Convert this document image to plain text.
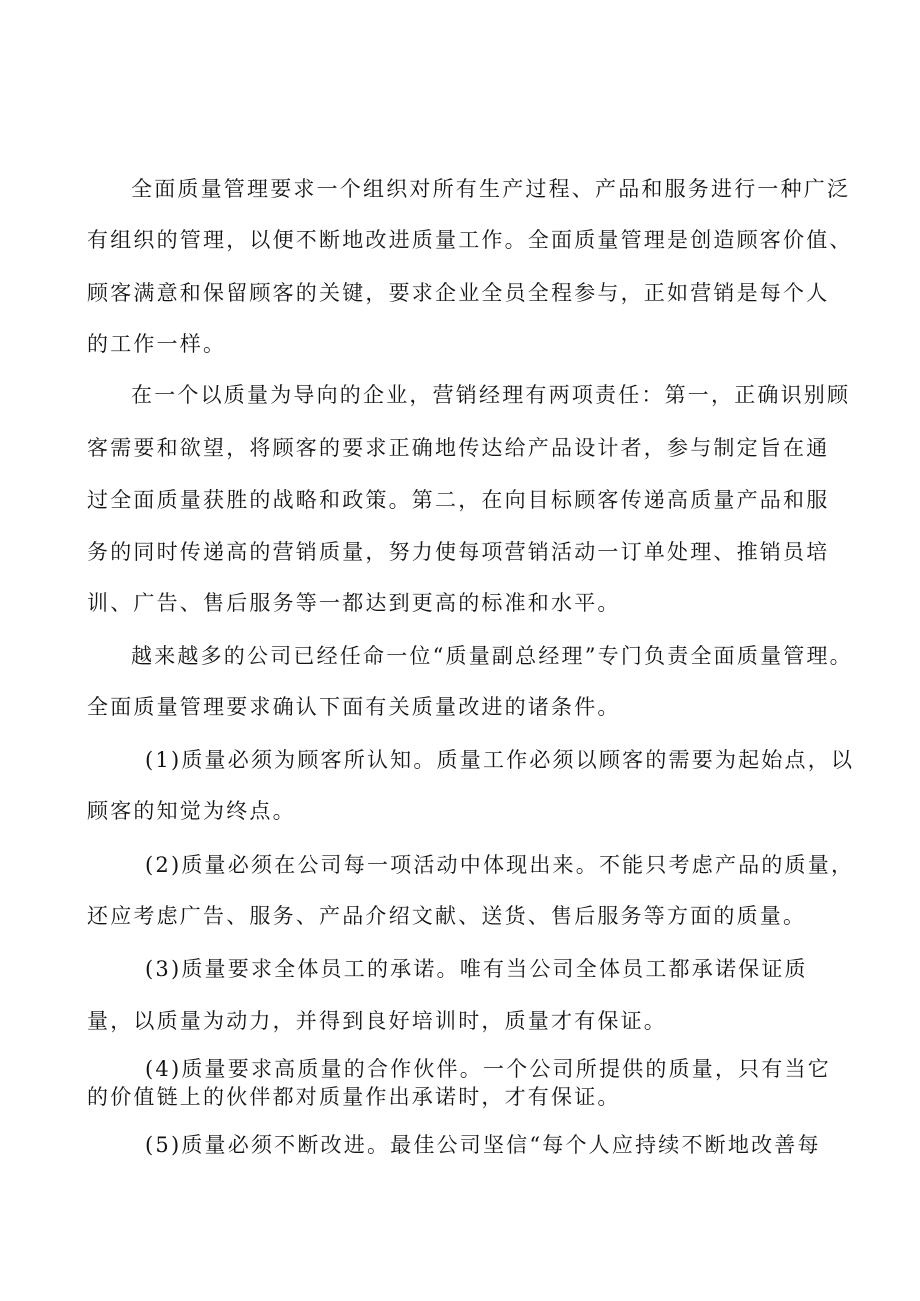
全面质量管理要求一个组织对所有生产过程、产品和服务进行一种广泛
有组织的管理，以便不断地改进质量工作。全面质量管理是创造顾客价值、
顾客满意和保留顾客的关键，要求企业全员全程参与，正如营销是每个人
的工作一样。
在一个以质量为导向的企业，营销经理有两项责任：第一，正确识别顾
客需要和欲望，将顾客的要求正确地传达给产品设计者，参与制定旨在通
过全面质量获胜的战略和政策。第二，在向目标顾客传递高质量产品和服
务的同时传递高的营销质量，努力使每项营销活动一订单处理、推销员培
训、广告、售后服务等一都达到更高的标准和水平。
越来越多的公司已经任命一位“质量副总经理”专门负责全面质量管理。
全面质量管理要求确认下面有关质量改进的诸条件。
(1)质量必须为顾客所认知。质量工作必须以顾客的需要为起始点，以
顾客的知觉为终点。
(2)质量必须在公司每一项活动中体现出来。不能只考虑产品的质量，
还应考虑广告、服务、产品介绍文献、送货、售后服务等方面的质量。
(3)质量要求全体员工的承诺。唯有当公司全体员工都承诺保证质
量，以质量为动力，并得到良好培训时，质量才有保证。
(4)质量要求高质量的合作伙伴。一个公司所提供的质量，只有当它
的价值链上的伙伴都对质量作出承诺时，才有保证。
(5)质量必须不断改进。最佳公司坚信“每个人应持续不断地改善每
